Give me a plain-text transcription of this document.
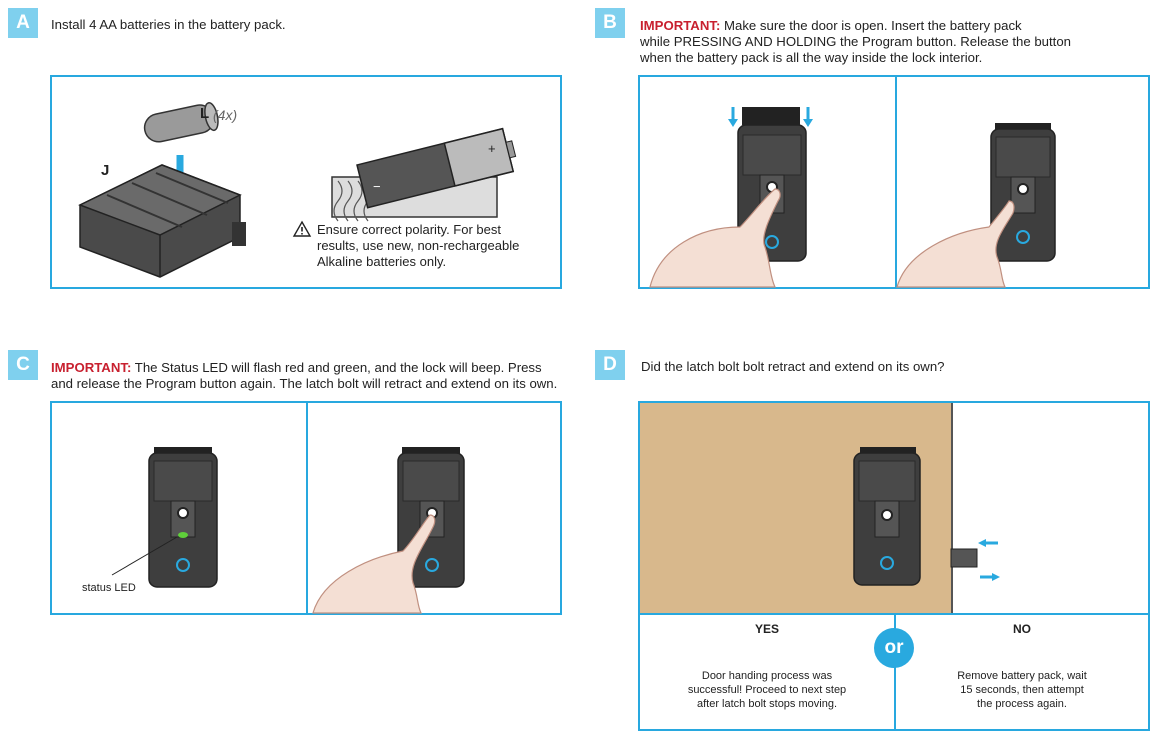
A	Install 4 AA batteries in the battery pack.
L (4x)
J
+
−
Ensure correct polarity. For best results, use new, non-rechargeable Alkaline batteries only.
B	IMPORTANT: Make sure the door is open. Insert the battery pack
while PRESSING AND HOLDING the Program button. Release the button
when the battery pack is all the way inside the lock interior.
C	IMPORTANT: The Status LED will flash red and green, and the lock will beep. Press
and release the Program button again. The latch bolt will retract and extend on its own.
status LED
D	Did the latch bolt bolt retract and extend on its own?
YES
Door handing process was
successful! Proceed to next step
after latch bolt stops moving.
or
NO
Remove battery pack, wait
15 seconds, then attempt
the process again.
